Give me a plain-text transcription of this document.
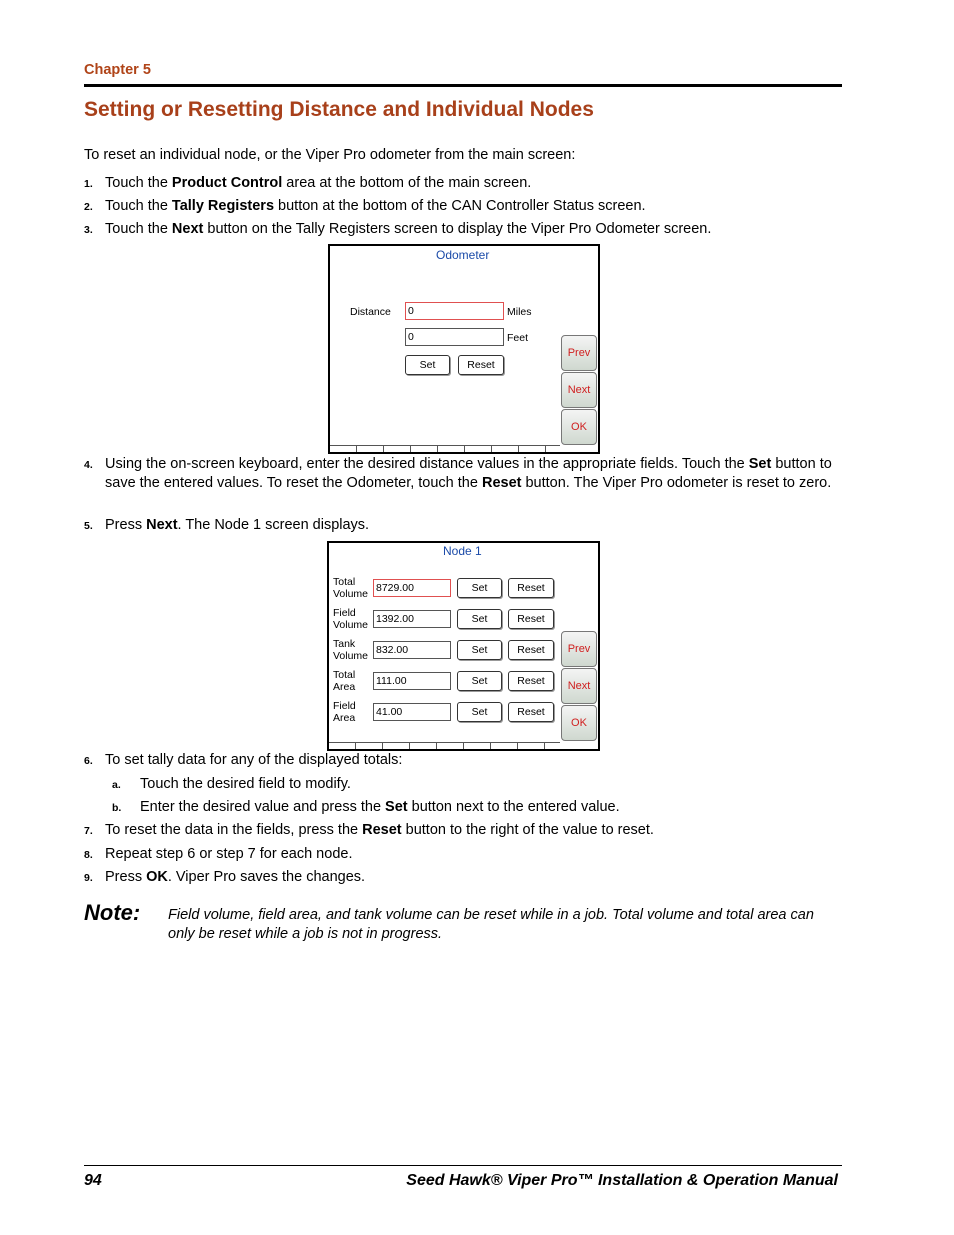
Chapter 5
Setting or Resetting Distance and Individual Nodes
To reset an individual node, or the Viper Pro odometer from the main screen:
1. Touch the Product Control area at the bottom of the main screen.
2. Touch the Tally Registers button at the bottom of the CAN Controller Status screen.
3. Touch the Next button on the Tally Registers screen to display the Viper Pro Odometer screen.
Odometer
Distance 0	Miles
0	Feet
Set	Reset
Prev
Next
OK
4. Using the on-screen keyboard, enter the desired distance values in the appropriate fields. Touch the Set button to save the entered values. To reset the Odometer, touch the Reset button. The Viper Pro odometer is reset to zero.
5. Press Next. The Node 1 screen displays.
Node 1
Total
Volume 8729.00	Set	Reset
Field
Volume 1392.00	Set	Reset
Tank
Volume 832.00	Set	Reset
Total
Area 111.00	Set	Reset
Field
Area 41.00	Set	Reset
Prev
Next
OK
6. To set tally data for any of the displayed totals:
a. Touch the desired field to modify.
b. Enter the desired value and press the Set button next to the entered value.
7. To reset the data in the fields, press the Reset button to the right of the value to reset.
8. Repeat step 6 or step 7 for each node.
9. Press OK. Viper Pro saves the changes.
Note: Field volume, field area, and tank volume can be reset while in a job. Total volume and total area can only be reset while a job is not in progress.
94	Seed Hawk® Viper Pro™ Installation & Operation Manual
